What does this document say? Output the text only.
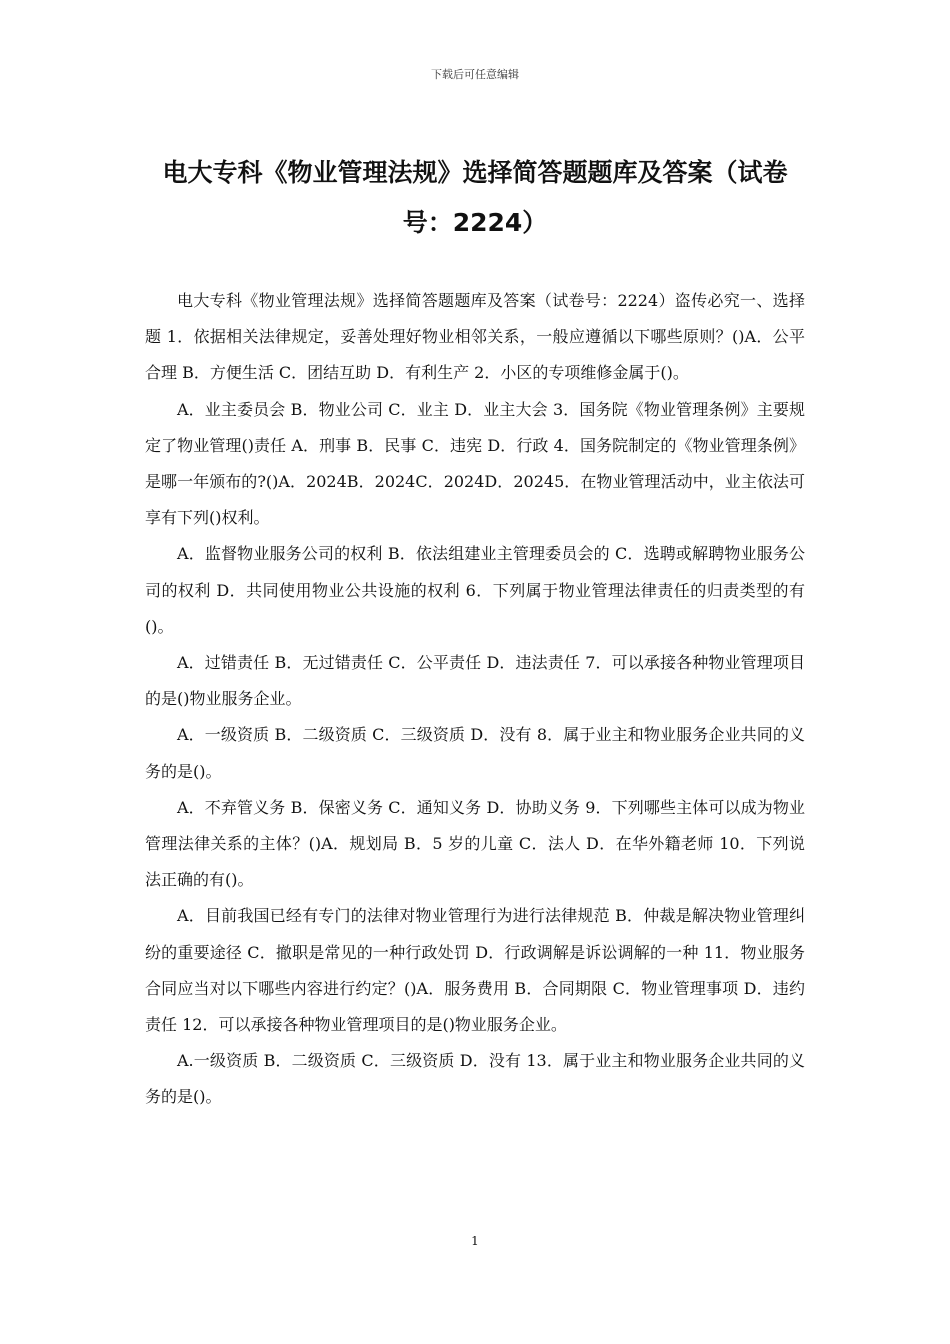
下载后可任意编辑
电大专科《物业管理法规》选择简答题题库及答案（试卷号：2224）

电大专科《物业管理法规》选择简答题题库及答案（试卷号：2224）盗传必究一、选择题 1．依据相关法律规定，妥善处理好物业相邻关系，一般应遵循以下哪些原则？()A．公平合理 B．方便生活 C．团结互助 D．有利生产 2．小区的专项维修金属于()。

A．业主委员会 B．物业公司 C．业主 D．业主大会 3．国务院《物业管理条例》主要规定了物业管理()责任 A．刑事 B．民事 C．违宪 D．行政 4．国务院制定的《物业管理条例》是哪一年颁布的?()A．2024B．2024C．2024D．20245．在物业管理活动中，业主依法可享有下列()权利。

A．监督物业服务公司的权利 B．依法组建业主管理委员会的 C．选聘或解聘物业服务公司的权利 D．共同使用物业公共设施的权利 6．下列属于物业管理法律责任的归责类型的有()。

A．过错责任 B．无过错责任 C．公平责任 D．违法责任 7．可以承接各种物业管理项目的是()物业服务企业。

A．一级资质 B．二级资质 C．三级资质 D．没有 8．属于业主和物业服务企业共同的义务的是()。

A．不弃管义务 B．保密义务 C．通知义务 D．协助义务 9．下列哪些主体可以成为物业管理法律关系的主体？()A．规划局 B．5 岁的儿童 C．法人 D．在华外籍老师 10．下列说法正确的有()。

A．目前我国已经有专门的法律对物业管理行为进行法律规范 B．仲裁是解决物业管理纠纷的重要途径 C．撤职是常见的一种行政处罚 D．行政调解是诉讼调解的一种 11．物业服务合同应当对以下哪些内容进行约定？()A．服务费用 B．合同期限 C．物业管理事项 D．违约责任 12．可以承接各种物业管理项目的是()物业服务企业。

A.一级资质 B．二级资质 C．三级资质 D．没有 13．属于业主和物业服务企业共同的义务的是()。

1
